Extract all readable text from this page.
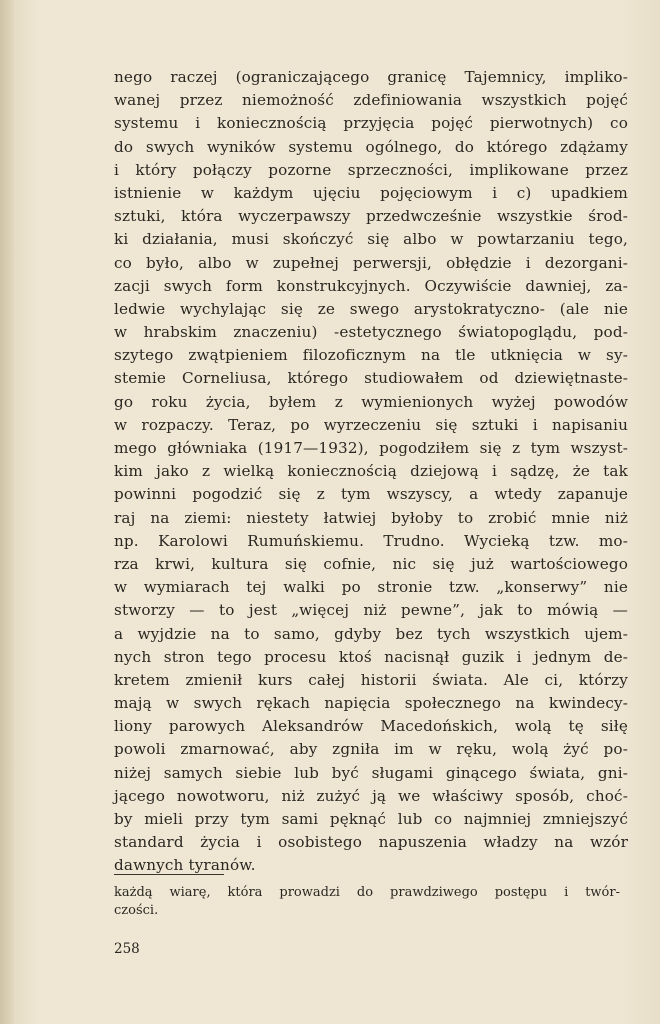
nego raczej (ograniczającego granicę Tajemnicy, impliko-
wanej przez niemożność zdefiniowania wszystkich pojęć
systemu i koniecznością przyjęcia pojęć pierwotnych) co
do swych wyników systemu ogólnego, do którego zdążamy
i który połączy pozorne sprzeczności, implikowane przez
istnienie w każdym ujęciu pojęciowym i c) upadkiem
sztuki, która wyczerpawszy przedwcześnie wszystkie środ-
ki działania, musi skończyć się albo w powtarzaniu tego,
co było, albo w zupełnej perwersji, obłędzie i dezorgani-
zacji swych form konstrukcyjnych. Oczywiście dawniej, za-
ledwie wychylając się ze swego arystokratyczno- (ale nie
w hrabskim znaczeniu) -estetycznego światopoglądu, pod-
szytego zwątpieniem filozoficznym na tle utknięcia w sy-
stemie Corneliusa, którego studiowałem od dziewiętnaste-
go roku życia, byłem z wymienionych wyżej powodów
w rozpaczy. Teraz, po wyrzeczeniu się sztuki i napisaniu
mego główniaka (1917—1932), pogodziłem się z tym wszyst-
kim jako z wielką koniecznością dziejową i sądzę, że tak
powinni pogodzić się z tym wszyscy, a wtedy zapanuje
raj na ziemi: niestety łatwiej byłoby to zrobić mnie niż
np. Karolowi Rumuńskiemu. Trudno. Wycieką tzw. mo-
rza krwi, kultura się cofnie, nic się już wartościowego
w wymiarach tej walki po stronie tzw. „konserwy” nie
stworzy — to jest „więcej niż pewne”, jak to mówią —
a wyjdzie na to samo, gdyby bez tych wszystkich ujem-
nych stron tego procesu ktoś nacisnął guzik i jednym de-
kretem zmienił kurs całej historii świata. Ale ci, którzy
mają w swych rękach napięcia społecznego na kwindecy-
liony parowych Aleksandrów Macedońskich, wolą tę siłę
powoli zmarnować, aby zgniła im w ręku, wolą żyć po-
niżej samych siebie lub być sługami ginącego świata, gni-
jącego nowotworu, niż zużyć ją we właściwy sposób, choć-
by mieli przy tym sami pęknąć lub co najmniej zmniejszyć
standard życia i osobistego napuszenia władzy na wzór
dawnych tyranów.
każdą wiarę, która prowadzi do prawdziwego postępu i twór-
czości.
258
